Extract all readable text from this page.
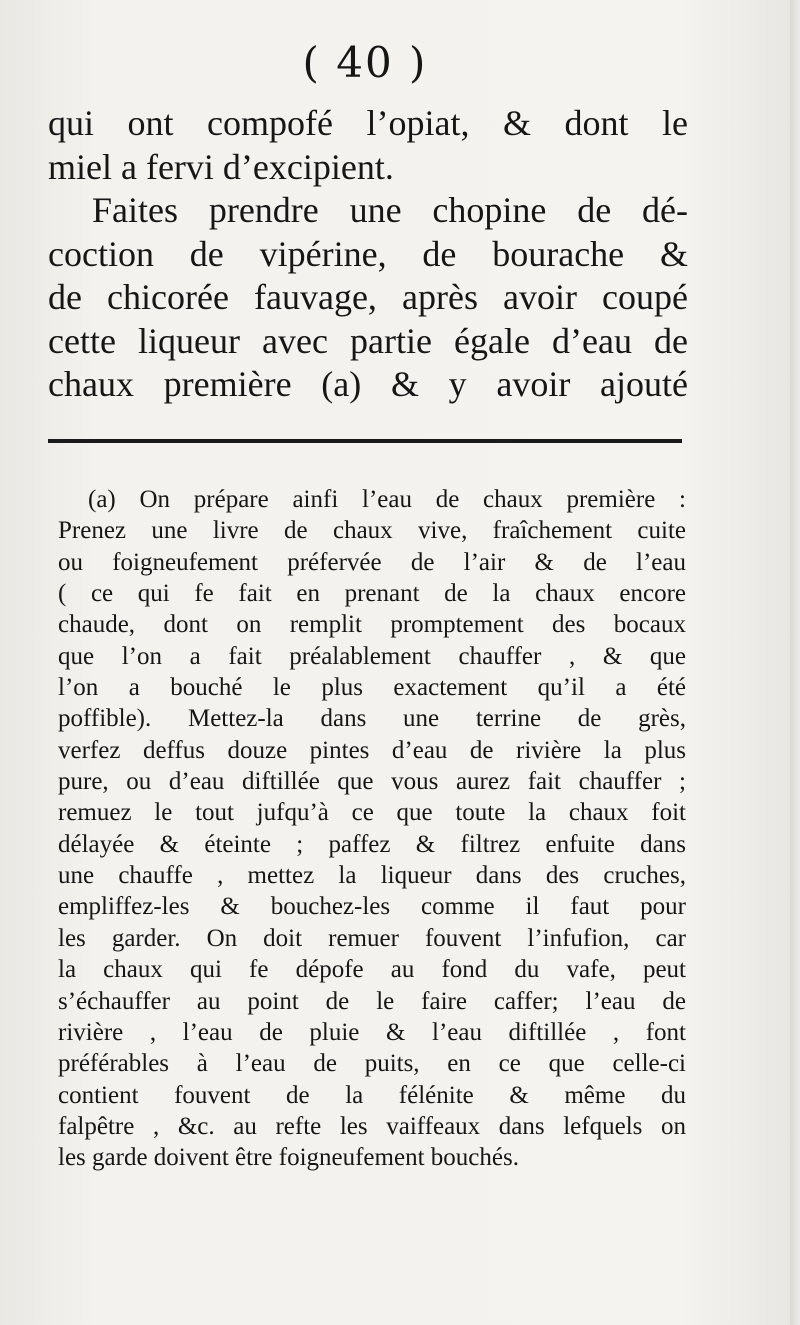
( 40 )
qui ont compofé l’opiat, & dont le
miel a fervi d’excipient.
Faites prendre une chopine de dé-
coction de vipérine, de bourache &
de chicorée fauvage, après avoir coupé
cette liqueur avec partie égale d’eau de
chaux première (a) & y avoir ajouté
(a) On prépare ainfi l’eau de chaux première :
Prenez une livre de chaux vive, fraîchement cuite
ou foigneufement préfervée de l’air & de l’eau
( ce qui fe fait en prenant de la chaux encore
chaude, dont on remplit promptement des bocaux
que l’on a fait préalablement chauffer , & que
l’on a bouché le plus exactement qu’il a été
poffible). Mettez-la dans une terrine de grès,
verfez deffus douze pintes d’eau de rivière la plus
pure, ou d’eau diftillée que vous aurez fait chauffer ;
remuez le tout jufqu’à ce que toute la chaux foit
délayée & éteinte ; paffez & filtrez enfuite dans
une chauffe , mettez la liqueur dans des cruches,
empliffez-les & bouchez-les comme il faut pour
les garder. On doit remuer fouvent l’infufion, car
la chaux qui fe dépofe au fond du vafe, peut
s’échauffer au point de le faire caffer; l’eau de
rivière , l’eau de pluie & l’eau diftillée , font
préférables à l’eau de puits, en ce que celle-ci
contient fouvent de la félénite & même du
falpêtre , &c. au refte les vaiffeaux dans lefquels on
les garde doivent être foigneufement bouchés.
